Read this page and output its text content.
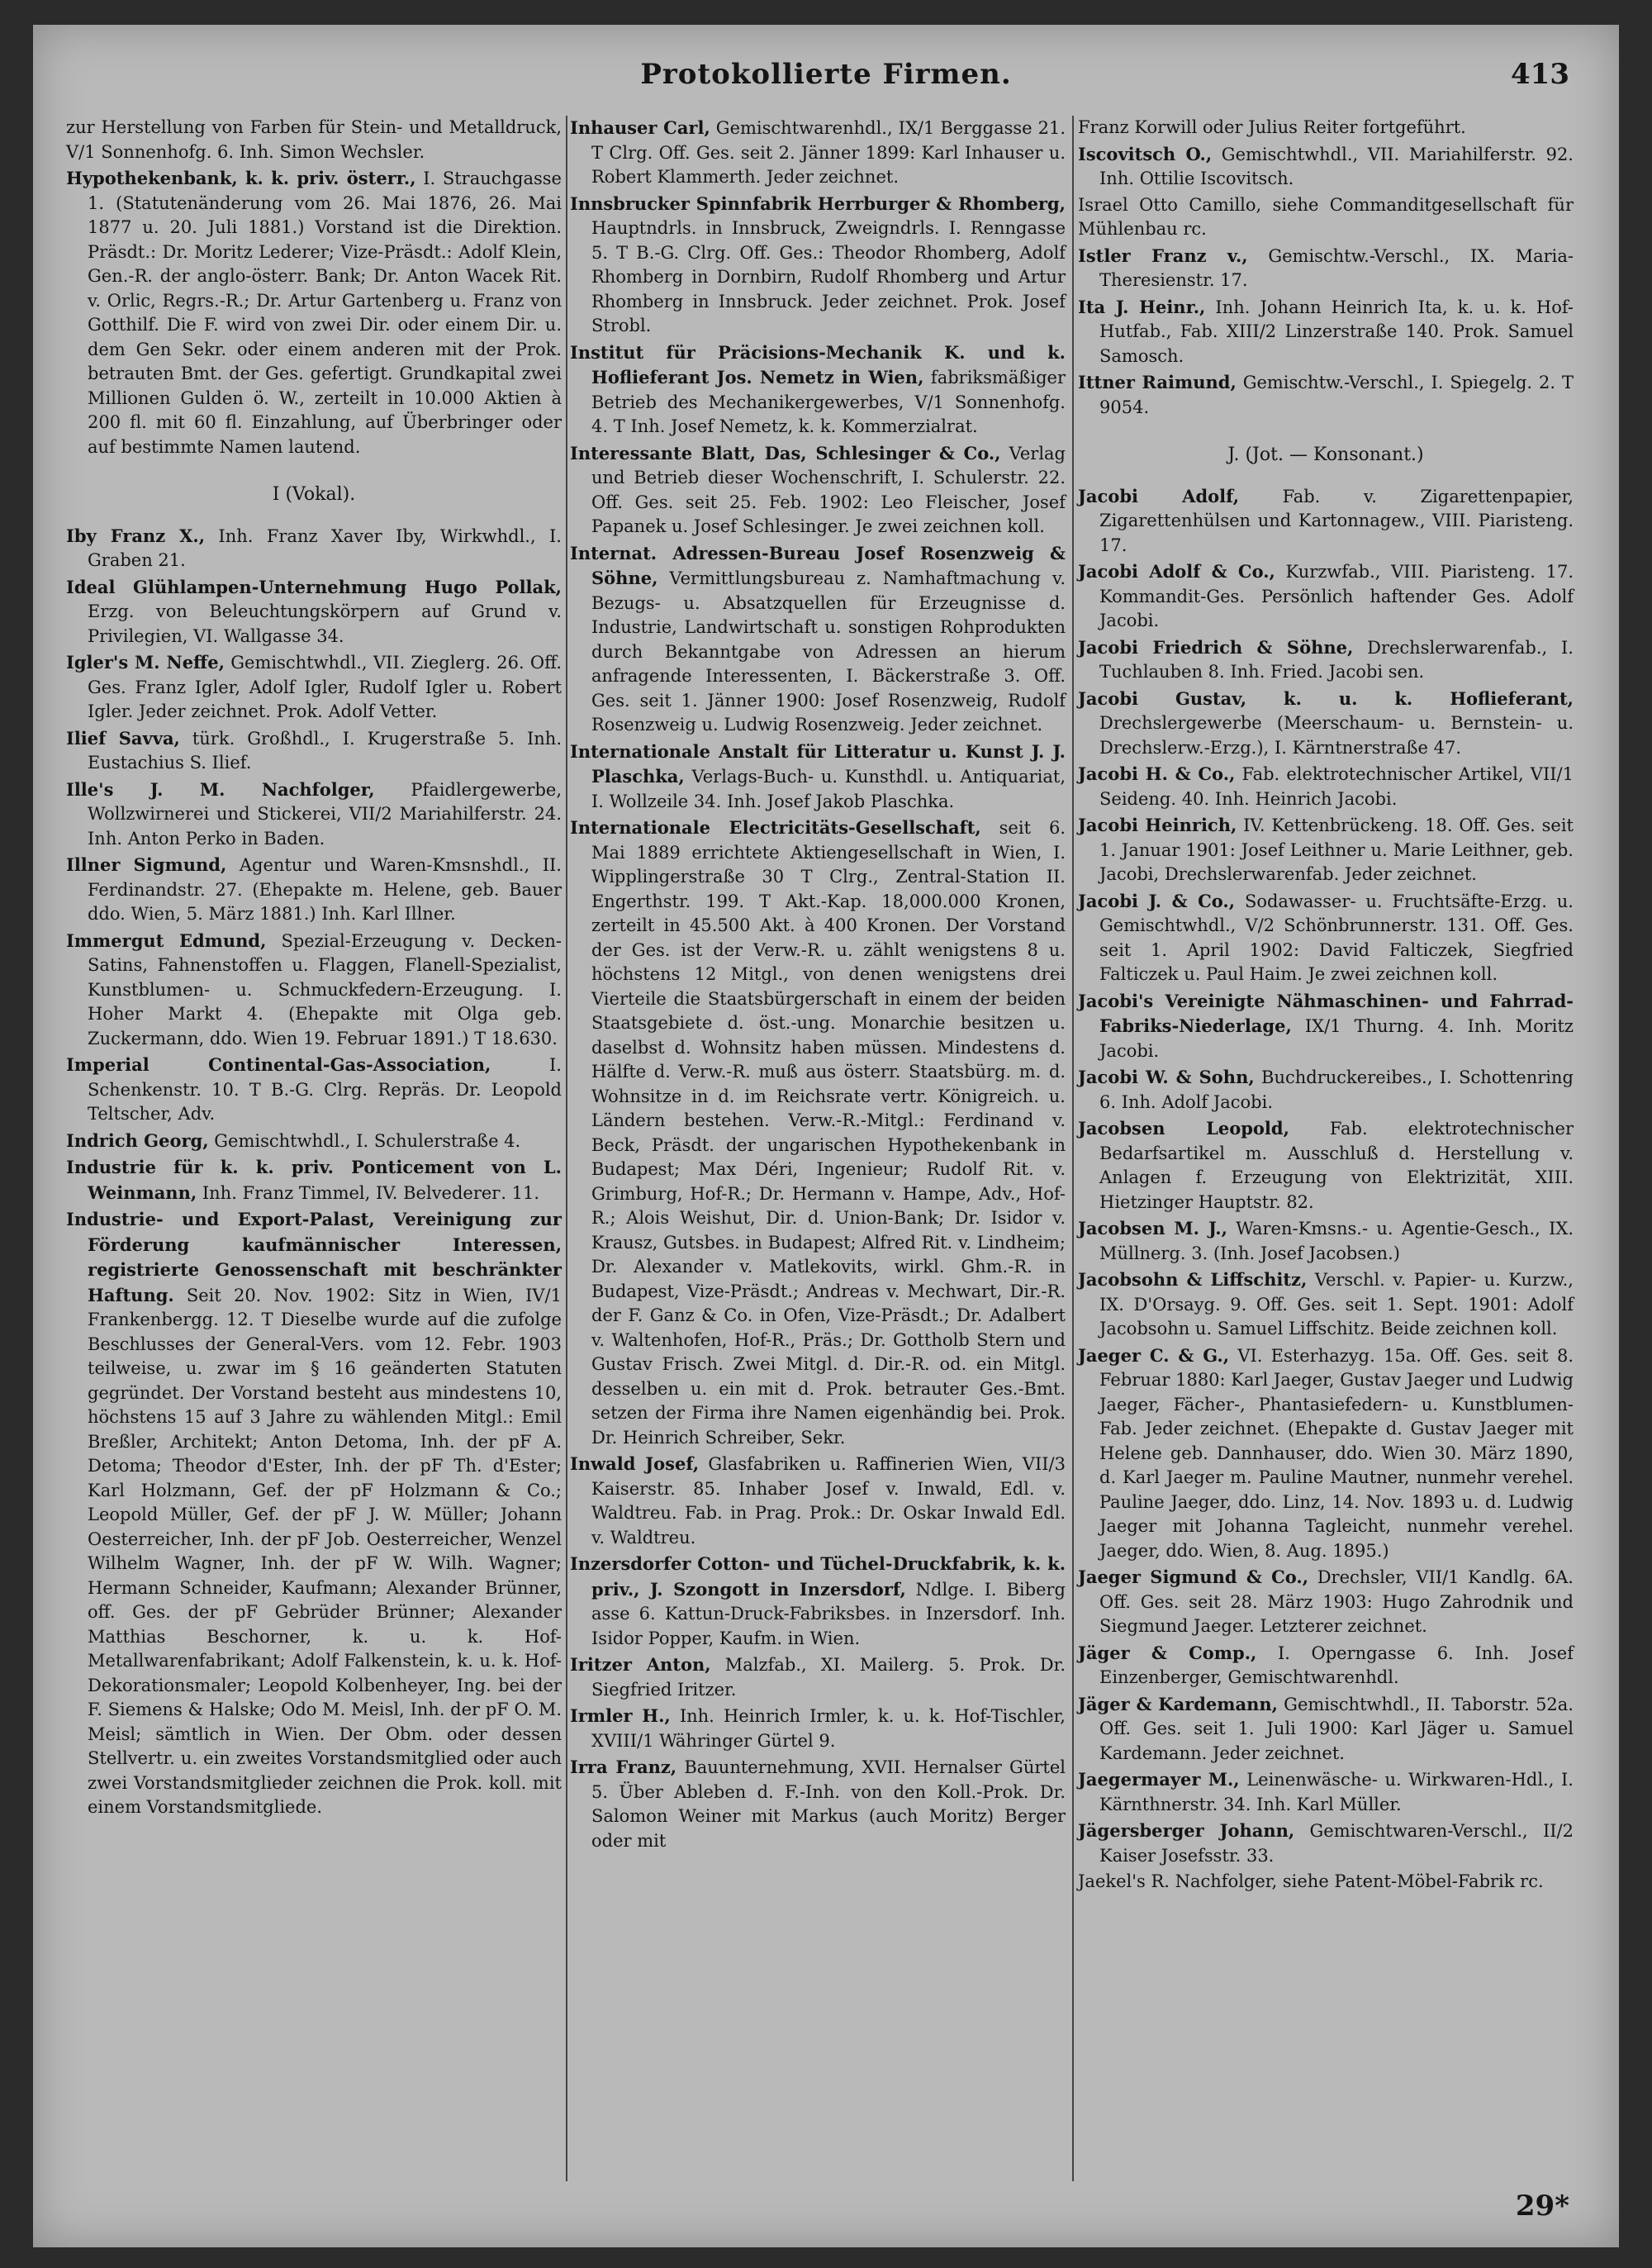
Protokollierte Firmen.	413
zur Herstellung von Farben für Stein- und Metalldruck, V/1 Sonnenhofg. 6. Inh. Simon Wechsler.
Hypothekenbank, k. k. priv. österr., I. Strauchgasse 1. (Statutenänderung vom 26. Mai 1876, 26. Mai 1877 u. 20. Juli 1881.) Vorstand ist die Direktion. Präsdt.: Dr. Moritz Lederer; Vize-Präsdt.: Adolf Klein, Gen.-R. der anglo-österr. Bank; Dr. Anton Wacek Rit. v. Orlic, Regrs.-R.; Dr. Artur Gartenberg u. Franz von Gotthilf. Die F. wird von zwei Dir. oder einem Dir. u. dem Gen Sekr. oder einem anderen mit der Prok. betrauten Bmt. der Ges. gefertigt. Grundkapital zwei Millionen Gulden ö. W., zerteilt in 10.000 Aktien à 200 fl. mit 60 fl. Einzahlung, auf Überbringer oder auf bestimmte Namen lautend.
I (Vokal).
Iby Franz X., Inh. Franz Xaver Iby, Wirkwhdl., I. Graben 21.
Ideal Glühlampen-Unternehmung Hugo Pollak, Erzg. von Beleuchtungskörpern auf Grund v. Privilegien, VI. Wallgasse 34.
Igler's M. Neffe, Gemischtwhdl., VII. Zieglerg. 26. Off. Ges. Franz Igler, Adolf Igler, Rudolf Igler u. Robert Igler. Jeder zeichnet. Prok. Adolf Vetter.
Ilief Savva, türk. Großhdl., I. Krugerstraße 5. Inh. Eustachius S. Ilief.
Ille's J. M. Nachfolger, Pfaidlergewerbe, Wollzwirnerei und Stickerei, VII/2 Mariahilferstr. 24. Inh. Anton Perko in Baden.
Illner Sigmund, Agentur und Waren-Kmsnshdl., II. Ferdinandstr. 27. (Ehepakte m. Helene, geb. Bauer ddo. Wien, 5. März 1881.) Inh. Karl Illner.
Immergut Edmund, Spezial-Erzeugung v. Decken-Satins, Fahnenstoffen u. Flaggen, Flanell-Spezialist, Kunstblumen- u. Schmuckfedern-Erzeugung. I. Hoher Markt 4. (Ehepakte mit Olga geb. Zuckermann, ddo. Wien 19. Februar 1891.) T 18.630.
Imperial Continental-Gas-Association,	I. Schenkenstr. 10. T B.-G. Clrg. Repräs. Dr. Leopold Teltscher, Adv.
Indrich Georg, Gemischtwhdl., I. Schulerstraße 4.
Industrie für k. k. priv. Ponticement von L. Weinmann, Inh. Franz Timmel, IV. Belvederег. 11.
Industrie- und Export-Palast, Vereinigung zur Förderung kaufmännischer Interessen, registrierte Genossenschaft mit beschränkter Haftung. Seit 20. Nov. 1902: Sitz in Wien, IV/1 Frankenbergg. 12. T Dieselbe wurde auf die zufolge Beschlusses der General-Vers. vom 12. Febr. 1903 teilweise, u. zwar im § 16 geänderten Statuten gegründet. Der Vorstand besteht aus mindestens 10, höchstens 15 auf 3 Jahre zu wählenden Mitgl.: Emil Breßler, Architekt; Anton Detoma, Inh. der pF A. Detoma; Theodor d'Ester, Inh. der pF Th. d'Ester; Karl Holzmann, Gef. der pF Holzmann & Co.; Leopold Müller, Gef. der pF J. W. Müller; Johann Oesterreicher, Inh. der pF Job. Oesterreicher, Wenzel Wilhelm Wagner, Inh. der pF W. Wilh. Wagner; Hermann Schneider, Kaufmann; Alexander Brünner, off. Ges. der pF Gebrüder Brünner; Alexander Matthias Beschorner, k. u. k. Hof-Metallwarenfabrikant; Adolf Falkenstein, k. u. k. Hof-Dekorationsmaler; Leopold Kolbenheyer, Ing. bei der F. Siemens & Halske; Odo M. Meisl, Inh. der pF O. M. Meisl; sämtlich in Wien. Der Obm. oder dessen Stellvertr. u. ein zweites Vorstandsmitglied oder auch zwei Vorstandsmitglieder zeichnen die Prok. koll. mit einem Vorstandsmitgliede.
Inhauser Carl, Gemischtwarenhdl., IX/1 Berggasse 21. T Clrg. Off. Ges. seit 2. Jänner 1899: Karl Inhauser u. Robert Klammerth. Jeder zeichnet.
Innsbrucker Spinnfabrik Herrburger & Rhomberg, Hauptndrls. in Innsbruck, Zweigndrls. I. Renngasse 5. T B.-G. Clrg. Off. Ges.: Theodor Rhomberg, Adolf Rhomberg in Dornbirn, Rudolf Rhomberg und Artur Rhomberg in Innsbruck. Jeder zeichnet. Prok. Josef Strobl.
Institut für Präcisions-Mechanik K. und k. Hoflieferant Jos. Nemetz in Wien, fabriksmäßiger Betrieb des Mechanikergewerbes, V/1 Sonnenhofg. 4. T Inh. Josef Nemetz, k. k. Kommerzialrat.
Interessante Blatt, Das, Schlesinger & Co., Verlag und Betrieb dieser Wochenschrift, I. Schulerstr. 22. Off. Ges. seit 25. Feb. 1902: Leo Fleischer, Josef Papanek u. Josef Schlesinger. Je zwei zeichnen koll.
Internat. Adressen-Bureau Josef Rosenzweig & Söhne, Vermittlungsbureau z. Namhaftmachung v. Bezugs- u. Absatzquellen für Erzeugnisse d. Industrie, Landwirtschaft u. sonstigen Rohprodukten durch Bekanntgabe von Adressen an hierum anfragende Interessenten, I. Bäckerstraße 3. Off. Ges. seit 1. Jänner 1900: Josef Rosenzweig, Rudolf Rosenzweig u. Ludwig Rosenzweig. Jeder zeichnet.
Internationale Anstalt für Litteratur u. Kunst J. J. Plaschka, Verlags-Buch- u. Kunsthdl. u. Antiquariat, I. Wollzeile 34. Inh. Josef Jakob Plaschka.
Internationale Electricitäts-Gesellschaft, seit 6. Mai 1889 errichtete Aktiengesellschaft in Wien, I. Wipplingerstraße 30 T Clrg., Zentral-Station II. Engerthstr. 199. T Akt.-Kap. 18,000.000 Kronen, zerteilt in 45.500 Akt. à 400 Kronen. Der Vorstand der Ges. ist der Verw.-R. u. zählt wenigstens 8 u. höchstens 12 Mitgl., von denen wenigstens drei Vierteile die Staatsbürgerschaft in einem der beiden Staatsgebiete d. öst.-ung. Monarchie besitzen u. daselbst d. Wohnsitz haben müssen. Mindestens d. Hälfte d. Verw.-R. muß aus österr. Staatsbürg. m. d. Wohnsitze in d. im Reichsrate vertr. Königreich. u. Ländern bestehen. Verw.-R.-Mitgl.: Ferdinand v. Beck, Präsdt. der ungarischen Hypothekenbank in Budapest; Max Déri, Ingenieur; Rudolf Rit. v. Grimburg, Hof-R.; Dr. Hermann v. Hampe, Adv., Hof-R.; Alois Weishut, Dir. d. Union-Bank; Dr. Isidor v. Krausz, Gutsbes. in Budapest; Alfred Rit. v. Lindheim; Dr. Alexander v. Matlekovits, wirkl. Ghm.-R. in Budapest, Vize-Präsdt.; Andreas v. Mechwart, Dir.-R. der F. Ganz & Co. in Ofen, Vize-Präsdt.; Dr. Adalbert v. Waltenhofen, Hof-R., Präs.; Dr. Gottholb Stern und Gustav Frisch. Zwei Mitgl. d. Dir.-R. od. ein Mitgl. desselben u. ein mit d. Prok. betrauter Ges.-Bmt. setzen der Firma ihre Namen eigenhändig bei. Prok. Dr. Heinrich Schreiber, Sekr.
Inwald Josef, Glasfabriken u. Raffinerien Wien, VII/3 Kaiserstr. 85. Inhaber Josef v. Inwald, Edl. v. Waldtreu. Fab. in Prag. Prok.: Dr. Oskar Inwald Edl. v. Waldtreu.
Inzersdorfer Cotton- und Tüchel-Druckfabrik, k. k. priv., J. Szongott in Inzersdorf, Ndlge. I. Biberg asse 6. Kattun-Druck-Fabriksbes. in Inzersdorf. Inh. Isidor Popper, Kaufm. in Wien.
Iritzer Anton, Malzfab., XI. Mailerg. 5. Prok. Dr. Siegfried Iritzer.
Irmler H., Inh. Heinrich Irmler, k. u. k. Hof-Tischler, XVIII/1 Währinger Gürtel 9.
Irra Franz, Bauunternehmung, XVII. Hernalser Gürtel 5. Über Ableben d. F.-Inh. von den Koll.-Prok. Dr. Salomon Weiner mit Markus (auch Moritz) Berger oder mit
Franz Korwill oder Julius Reiter fortgeführt.
Iscovitsch O., Gemischtwhdl., VII. Mariahilferstr. 92. Inh. Ottilie Iscovitsch.
Israel Otto Camillo, siehe Commanditgesellschaft für Mühlenbau rc.
Istler Franz v., Gemischtw.-Verschl., IX. Maria-Theresienstr. 17.
Ita J. Heinr., Inh. Johann Heinrich Ita, k. u. k. Hof-Hutfab., Fab. XIII/2 Linzerstraße 140. Prok. Samuel Samosch.
Ittner Raimund, Gemischtw.-Verschl., I. Spiegelg. 2. T 9054.
J. (Jot. — Konsonant.)
Jacobi Adolf,	Fab. v. Zigarettenpapier, Zigarettenhülsen und Kartonnagew., VIII. Piaristeng. 17.
Jacobi Adolf & Co., Kurzwfab., VIII. Piaristeng. 17. Kommandit-Ges. Persönlich haftender Ges. Adolf Jacobi.
Jacobi Friedrich & Söhne, Drechslerwarenfab., I. Tuchlauben 8. Inh. Fried. Jacobi sen.
Jacobi Gustav, k. u. k. Hoflieferant, Drechslergewerbe (Meerschaum- u. Bernstein- u. Drechslerw.-Erzg.), I. Kärntnerstraße 47.
Jacobi H. & Co., Fab. elektrotechnischer Artikel, VII/1 Seideng. 40. Inh. Heinrich Jacobi.
Jacobi Heinrich, IV. Kettenbrückeng. 18. Off. Ges. seit 1. Januar 1901: Josef Leithner u. Marie Leithner, geb. Jacobi, Drechslerwarenfab. Jeder zeichnet.
Jacobi J. & Co., Sodawasser- u. Fruchtsäfte-Erzg. u. Gemischtwhdl., V/2 Schönbrunnerstr. 131. Off. Ges. seit 1. April 1902: David Falticzek, Siegfried Falticzek u. Paul Haim. Je zwei zeichnen koll.
Jacobi's Vereinigte Nähmaschinen- und Fahrrad-Fabriks-Niederlage, IX/1 Thurng. 4. Inh. Moritz Jacobi.
Jacobi W. & Sohn, Buchdruckereibes., I. Schottenring 6. Inh. Adolf Jacobi.
Jacobsen Leopold, Fab. elektrotechnischer Bedarfsartikel m. Ausschluß d. Herstellung v. Anlagen f. Erzeugung von Elektrizität, XIII. Hietzinger Hauptstr. 82.
Jacobsen M. J., Waren-Kmsns.- u. Agentie-Gesch., IX. Müllnerg. 3. (Inh. Josef Jacobsen.)
Jacobsohn & Liffschitz, Verschl. v. Papier- u. Kurzw., IX. D'Orsayg. 9. Off. Ges. seit 1. Sept. 1901: Adolf Jacobsohn u. Samuel Liffschitz. Beide zeichnen koll.
Jaeger C. & G., VI. Esterhazyg. 15a. Off. Ges. seit 8. Februar 1880: Karl Jaeger, Gustav Jaeger und Ludwig Jaeger, Fächer-, Phantasiefedern- u. Kunstblumen-Fab. Jeder zeichnet. (Ehepakte d. Gustav Jaeger mit Helene geb. Dannhauser, ddo. Wien 30. März 1890, d. Karl Jaeger m. Pauline Mautner, nunmehr verehel. Pauline Jaeger, ddo. Linz, 14. Nov. 1893 u. d. Ludwig Jaeger mit Johanna Tagleicht, nunmehr verehel. Jaeger, ddo. Wien, 8. Aug. 1895.)
Jaeger Sigmund & Co., Drechsler, VII/1 Kandlg. 6A. Off. Ges. seit 28. März 1903: Hugo Zahrodnik und Siegmund Jaeger. Letzterer zeichnet.
Jäger & Comp., I. Operngasse 6. Inh. Josef Einzenberger, Gemischtwarenhdl.
Jäger & Kardemann, Gemischtwhdl., II. Taborstr. 52a. Off. Ges. seit 1. Juli 1900: Karl Jäger u. Samuel Kardemann. Jeder zeichnet.
Jaegermayer M., Leinenwäsche- u. Wirkwaren-Hdl., I. Kärnthnerstr. 34. Inh. Karl Müller.
Jägersberger Johann, Gemischtwaren-Verschl., II/2 Kaiser Josefsstr. 33.
Jaekel's R. Nachfolger, siehe Patent-Möbel-Fabrik rc.
29*
